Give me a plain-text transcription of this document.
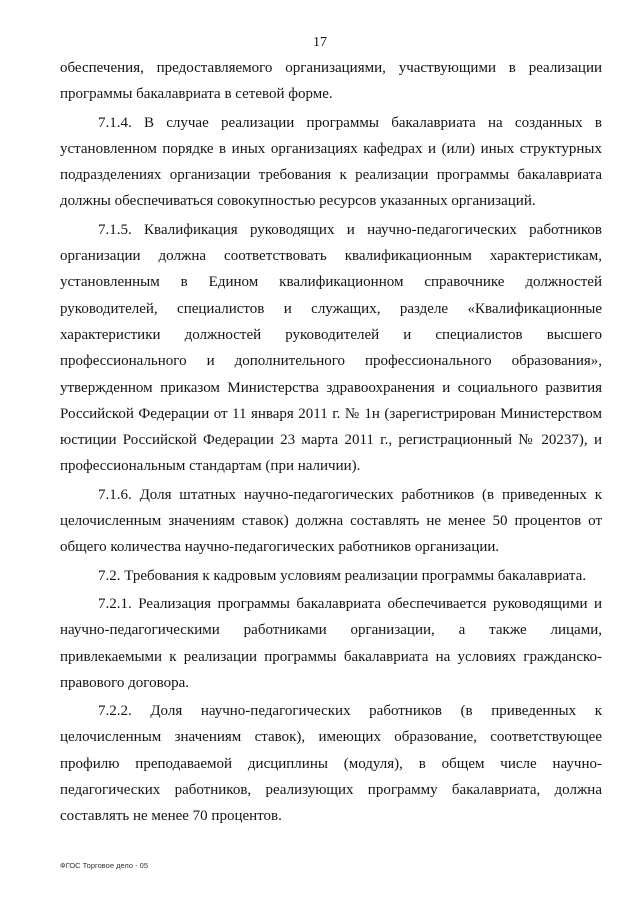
17

обеспечения, предоставляемого организациями, участвующими в реализации программы бакалавриата в сетевой форме.

7.1.4. В случае реализации программы бакалавриата на созданных в установленном порядке в иных организациях кафедрах и (или) иных структурных подразделениях организации требования к реализации программы бакалавриата должны обеспечиваться совокупностью ресурсов указанных организаций.

7.1.5. Квалификация руководящих и научно-педагогических работников организации должна соответствовать квалификационным характеристикам, установленным в Едином квалификационном справочнике должностей руководителей, специалистов и служащих, разделе «Квалификационные характеристики должностей руководителей и специалистов высшего профессионального и дополнительного профессионального образования», утвержденном приказом Министерства здравоохранения и социального развития Российской Федерации от 11 января 2011 г. № 1н (зарегистрирован Министерством юстиции Российской Федерации 23 марта 2011 г., регистрационный № 20237), и профессиональным стандартам (при наличии).

7.1.6. Доля штатных научно-педагогических работников (в приведенных к целочисленным значениям ставок) должна составлять не менее 50 процентов от общего количества научно-педагогических работников организации.

7.2. Требования к кадровым условиям реализации программы бакалавриата.

7.2.1. Реализация программы бакалавриата обеспечивается руководящими и научно-педагогическими работниками организации, а также лицами, привлекаемыми к реализации программы бакалавриата на условиях гражданско-правового договора.

7.2.2. Доля научно-педагогических работников (в приведенных к целочисленным значениям ставок), имеющих образование, соответствующее профилю преподаваемой дисциплины (модуля), в общем числе научно-педагогических работников, реализующих программу бакалавриата, должна составлять не менее 70 процентов.

ФГОС Торговое дело - 05
